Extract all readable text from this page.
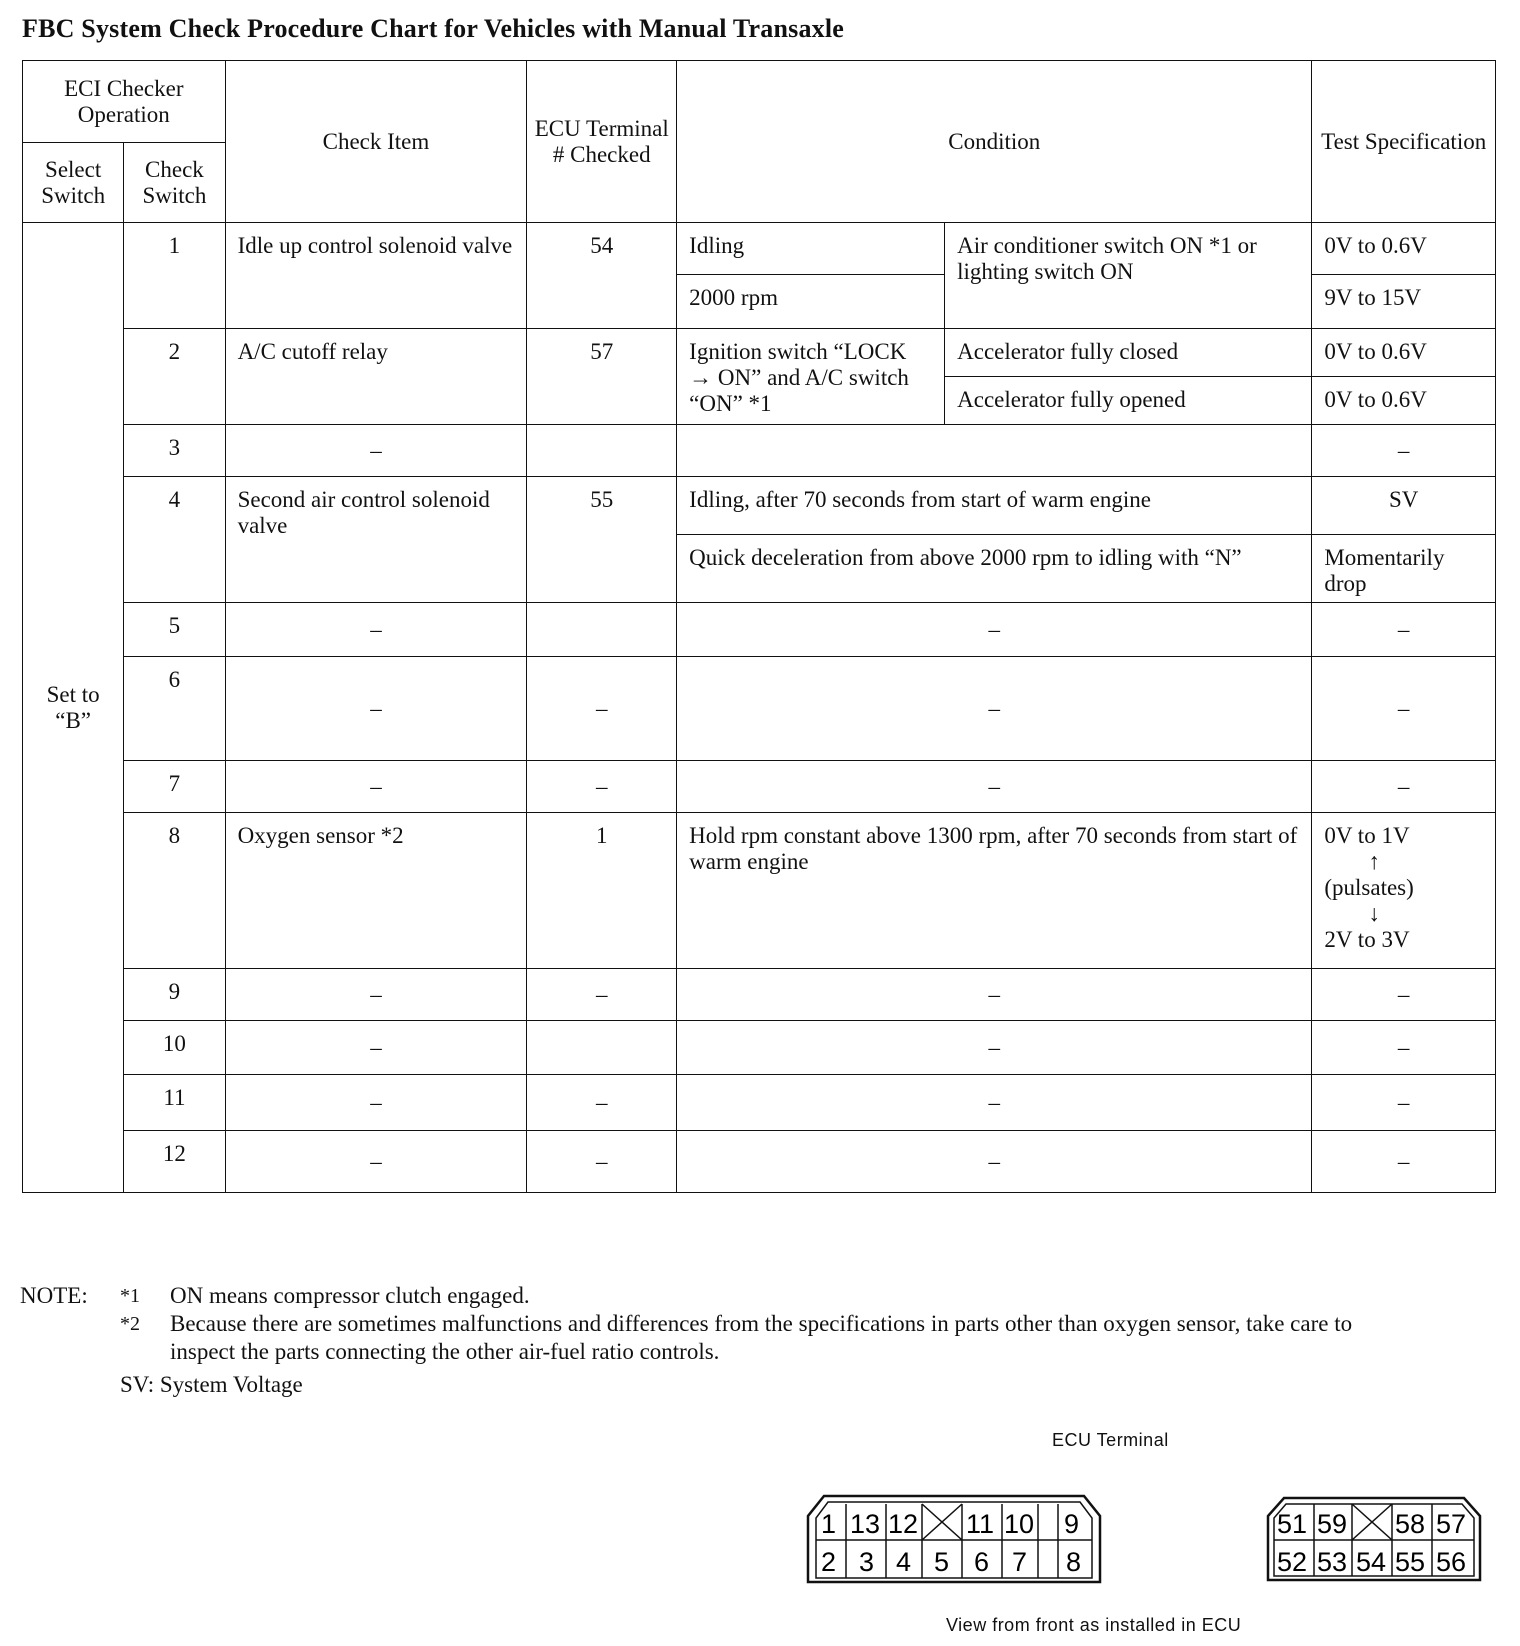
FBC System Check Procedure Chart for Vehicles with Manual Transaxle
ECI Checker Operation		Check Item	ECU Terminal # Checked	Condition		Test Specification
Select Switch	Check Switch					
Set to “B”	1	Idle up control solenoid valve	54	Idling	Air conditioner switch ON *1 or lighting switch ON	0V to 0.6V
				2000 rpm		9V to 15V
	2	A/C cutoff relay	57	Ignition switch “LOCK → ON” and A/C switch “ON” *1	Accelerator fully closed	0V to 0.6V
					Accelerator fully opened	0V to 0.6V
	3	–				–
	4	Second air control solenoid valve	55	Idling, after 70 seconds from start of warm engine		SV
				Quick deceleration from above 2000 rpm to idling with “N”		Momentarily drop
	5	–		–		–
	6	–	–	–		–
	7	–	–	–		–
	8	Oxygen sensor *2	1	Hold rpm constant above 1300 rpm, after 70 seconds from start of warm engine		0V to 1V
↑
(pulsates)
↓
2V to 3V

	9	–	–	–		–
	10	–		–		–
	11	–	–	–		–
	12	–	–	–		–
NOTE: *1 ON means compressor clutch engaged.
*2 Because there are sometimes malfunctions and differences from the specifications in parts other than oxygen sensor, take care to inspect the parts connecting the other air-fuel ratio controls.
SV: System Voltage
ECU Terminal
1 13 12 11 10 9
2 3 4 5 6 7 8
51 59 58 57
52 53 54 55 56
View from front as installed in ECU
